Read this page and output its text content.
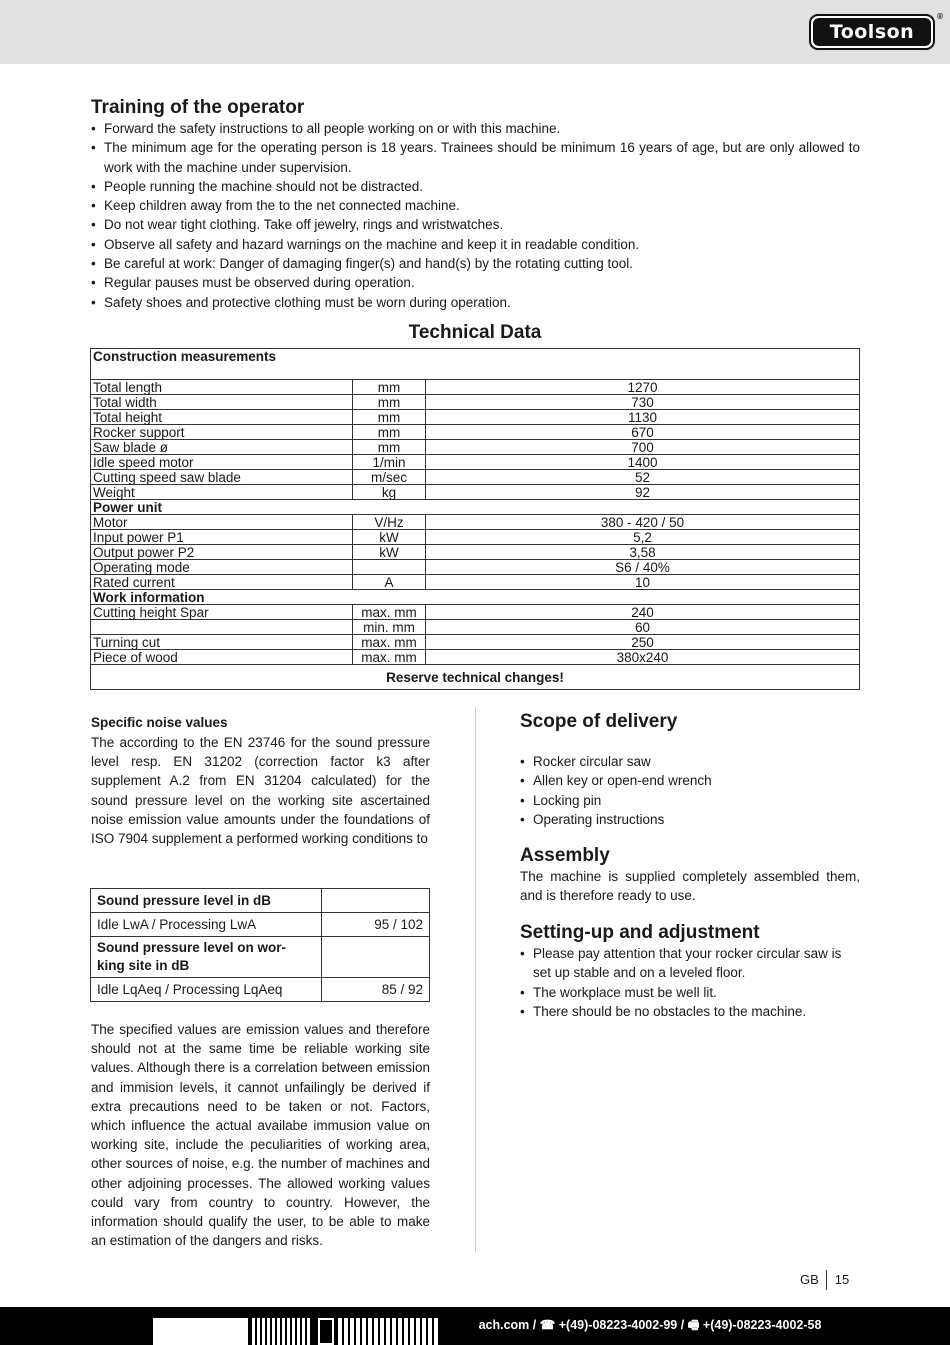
Toolson
®
Training of the operator
• Forward the safety instructions to all people working on or with this machine.
• The minimum age for the operating person is 18 years. Trainees should be minimum 16 years of age, but are only allowed to work with the machine under supervision.
• People running the machine should not be distracted.
• Keep children away from the to the net connected machine.
• Do not wear tight clothing. Take off jewelry, rings and wristwatches.
• Observe all safety and hazard warnings on the machine and keep it in readable condition.
• Be careful at work: Danger of damaging finger(s) and hand(s) by the rotating cutting tool.
• Regular pauses must be observed during operation.
• Safety shoes and protective clothing must be worn during operation.
Technical Data
Construction measurements		
Total length	mm	1270
Total width	mm	730
Total height	mm	1130
Rocker support	mm	670
Saw blade ø	mm	700
Idle speed motor	1/min	1400
Cutting speed saw blade	m/sec	52
Weight	kg	92
Power unit		
Motor	V/Hz	380 - 420 / 50
Input power P1	kW	5,2
Output power P2	kW	3,58
Operating mode		S6 / 40%
Rated current	A	10
Work information		
Cutting height Spar	max. mm	240
	min. mm	60
Turning cut	max. mm	250
Piece of wood	max. mm	380x240
Reserve technical changes!		
Specific noise values

The according to the EN 23746 for the sound pressure level resp. EN 31202 (correction factor k3 after supplement A.2 from EN 31204 calculated) for the sound pressure level on the working site ascertained noise emission value amounts under the foundations of ISO 7904 supplement a performed working conditions to

Sound pressure level in dB	
Idle LwA / Processing LwA	95 / 102
Sound pressure level on wor-
king site in dB	
Idle LqAeq / Processing LqAeq	85 / 92

The specified values are emission values and therefore should not at the same time be reliable working site values. Although there is a correlation between emission and immision levels, it cannot unfailingly be derived if extra precautions need to be taken or not. Factors, which influence the actual availabe immusion value on working site, include the peculiarities of working area, other sources of noise, e.g. the number of machines and other adjoining processes. The allowed working values could vary from country to country. However, the information should qualify the user, to be able to make an estimation of the dangers and risks.

Scope of delivery
• Rocker circular saw
• Allen key or open-end wrench
• Locking pin
• Operating instructions
Assembly

The machine is supplied completely assembled them, and is therefore ready to use.

Setting-up and adjustment
• Please pay attention that your rocker circular saw is set up stable and on a leveled floor.
• The workplace must be well lit.
• There should be no obstacles to the machine.
GB 15
ach.com / ☎ +(49)-08223-4002-99 / 🖷 +(49)-08223-4002-58
